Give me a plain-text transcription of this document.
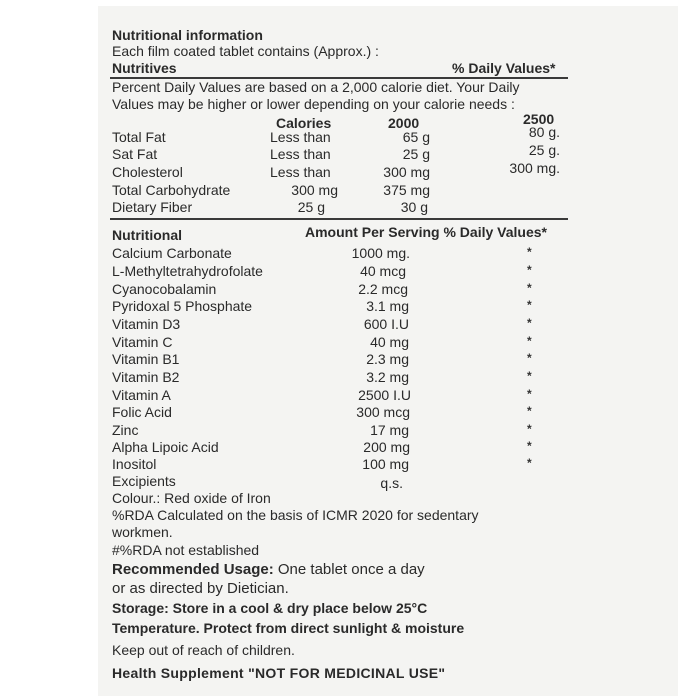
Nutritional information
Each film coated tablet contains (Approx.) :
Nutritives	% Daily Values*
Percent Daily Values are based on a 2,000 calorie diet. Your Daily
Values may be higher or lower depending on your calorie needs :
Calories	2000	2500
Total Fat	Less than	65 g	80 g.
Sat Fat	Less than	25 g	25 g.
Cholesterol	Less than	300 mg	300 mg.
Total Carbohydrate	300 mg	375 mg
Dietary Fiber	25 g	30 g
Nutritional	Amount Per Serving % Daily Values*
Calcium Carbonate	1000 mg.	*
L-Methyltetrahydrofolate	40 mcg	*
Cyanocobalamin	2.2 mcg	*
Pyridoxal 5 Phosphate	3.1 mg	*
Vitamin D3	600 I.U	*
Vitamin C	40 mg	*
Vitamin B1	2.3 mg	*
Vitamin B2	3.2 mg	*
Vitamin A	2500 I.U	*
Folic Acid	300 mcg	*
Zinc	17 mg	*
Alpha Lipoic Acid	200 mg	*
Inositol	100 mg	*
Excipients	q.s.
Colour.: Red oxide of Iron
%RDA Calculated on the basis of ICMR 2020 for sedentary
workmen.
#%RDA not established
Recommended Usage: One tablet once a day
or as directed by Dietician.
Storage: Store in a cool & dry place below 25°C
Temperature. Protect from direct sunlight & moisture
Keep out of reach of children.
Health Supplement "NOT FOR MEDICINAL USE"
